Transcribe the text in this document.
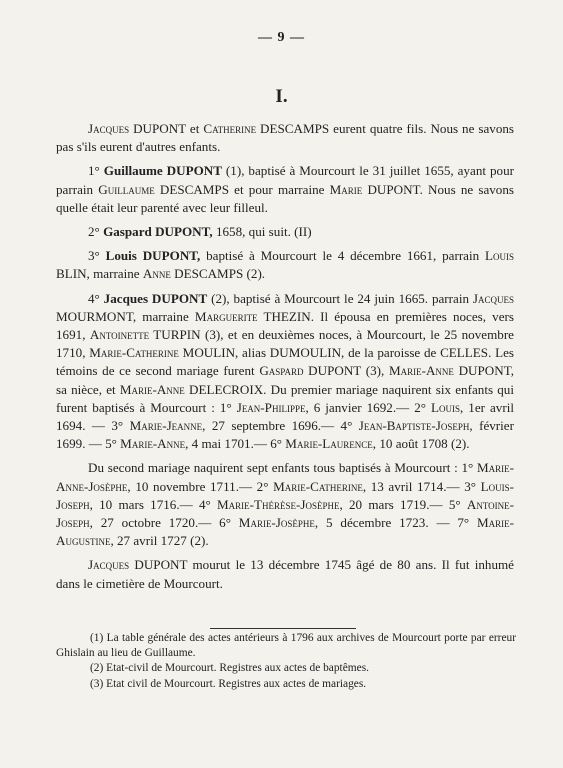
— 9 —
I.

Jacques DUPONT et Catherine DESCAMPS eurent quatre fils. Nous ne savons pas s'ils eurent d'autres enfants.

1° Guillaume DUPONT (1), baptisé à Mourcourt le 31 juillet 1655, ayant pour parrain Guillaume DESCAMPS et pour marraine Marie DUPONT. Nous ne savons quelle était leur parenté avec leur filleul.

2° Gaspard DUPONT, 1658, qui suit. (II)

3° Louis DUPONT, baptisé à Mourcourt le 4 décembre 1661, parrain Louis BLIN, marraine Anne DESCAMPS (2).

4° Jacques DUPONT (2), baptisé à Mourcourt le 24 juin 1665. parrain Jacques MOURMONT, marraine Marguerite THEZIN. Il épousa en premières noces, vers 1691, Antoinette TURPIN (3), et en deuxièmes noces, à Mourcourt, le 25 novembre 1710, Marie-Catherine MOULIN, alias DUMOULIN, de la paroisse de CELLES. Les témoins de ce second mariage furent Gaspard DUPONT (3), Marie-Anne DUPONT, sa nièce, et Marie-Anne DELECROIX. Du premier mariage naquirent six enfants qui furent baptisés à Mourcourt : 1° Jean-Philippe, 6 janvier 1692.— 2° Louis, 1er avril 1694. — 3° Marie-Jeanne, 27 septembre 1696.— 4° Jean-Baptiste-Joseph, février 1699. — 5° Marie-Anne, 4 mai 1701.— 6° Marie-Laurence, 10 août 1708 (2).

Du second mariage naquirent sept enfants tous baptisés à Mourcourt : 1° Marie-Anne-Josèphe, 10 novembre 1711.— 2° Marie-Catherine, 13 avril 1714.— 3° Louis-Joseph, 10 mars 1716.— 4° Marie-Thérèse-Josèphe, 20 mars 1719.— 5° Antoine-Joseph, 27 octobre 1720.— 6° Marie-Josèphe, 5 décembre 1723. — 7° Marie-Augustine, 27 avril 1727 (2).

Jacques DUPONT mourut le 13 décembre 1745 âgé de 80 ans. Il fut inhumé dans le cimetière de Mourcourt.

(1) La table générale des actes antérieurs à 1796 aux archives de Mourcourt porte par erreur Ghislain au lieu de Guillaume.

(2) Etat-civil de Mourcourt. Registres aux actes de baptêmes.

(3) Etat civil de Mourcourt. Registres aux actes de mariages.
